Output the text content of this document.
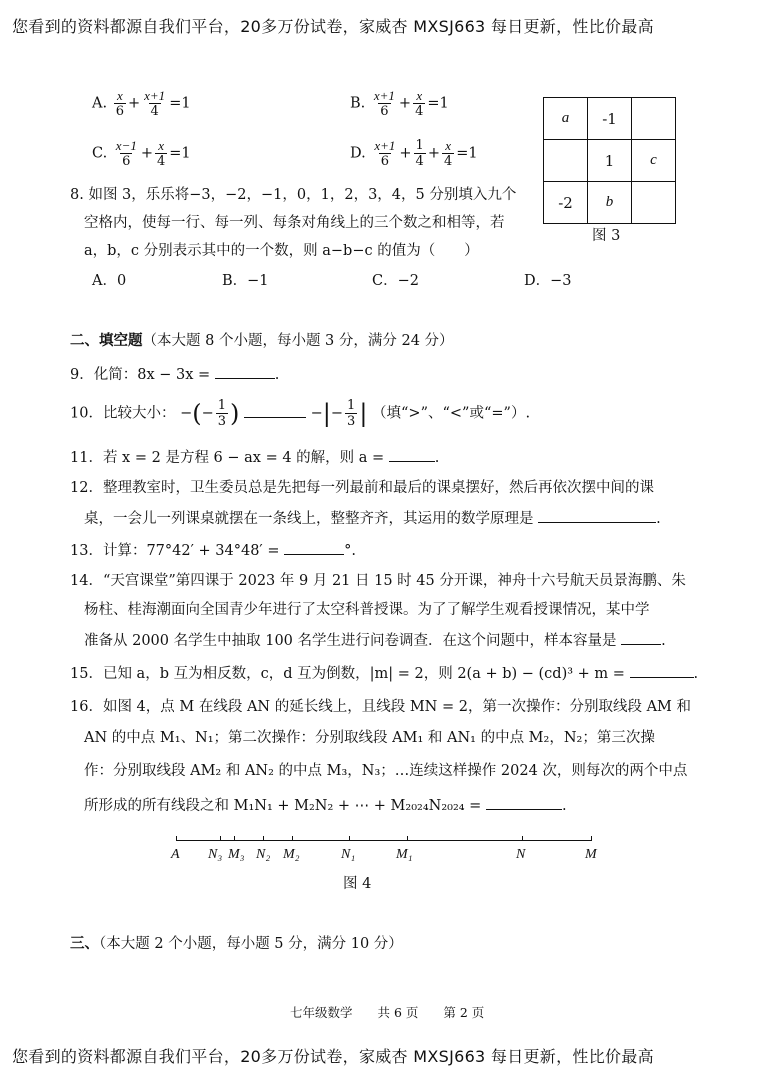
您看到的资料都源自我们平台，20多万份试卷，家威杏 MXSJ663 每日更新，性比价最高
A. $\frac{x}{6} + \frac{x+1}{4} =1$	B. $\frac{x+1}{6} + \frac{x}{4} =1$
C. $\frac{x-1}{6} + \frac{x}{4} =1$	D. $\frac{x+1}{6} + \frac{1}{4} + \frac{x}{4} =1$
a	-1	
	1	c
-2	b	
图 3
8. 如图 3，乐乐将−3，−2，−1，0，1，2，3，4，5 分别填入九个
空格内，使每一行、每一列、每条对角线上的三个数之和相等，若
a，b，c 分别表示其中的一个数，则 a−b−c 的值为（　　）
A．0	B．−1	C．−2	D．−3
二、填空题（本大题 8 个小题，每小题 3 分，满分 24 分）
9．化简：8x − 3x =	.
10．比较大小： −(− $\frac{1}{3}$ )	−|− $\frac{1}{3}$ | （填“>”、“<”或“=”）.
11．若 x = 2 是方程 6 − ax = 4 的解，则 a =	.
12．整理教室时，卫生委员总是先把每一列最前和最后的课桌摆好，然后再依次摆中间的课
桌，一会儿一列课桌就摆在一条线上，整整齐齐，其运用的数学原理是	.
13．计算：77°42′ + 34°48′ =	°.
14．“天宫课堂”第四课于 2023 年 9 月 21 日 15 时 45 分开课，神舟十六号航天员景海鹏、朱
杨柱、桂海潮面向全国青少年进行了太空科普授课。为了了解学生观看授课情况，某中学
准备从 2000 名学生中抽取 100 名学生进行问卷调查．在这个问题中，样本容量是	.
15．已知 a，b 互为相反数，c，d 互为倒数，|m| = 2，则 2(a + b) − (cd)³ + m =	.
16．如图 4，点 M 在线段 AN 的延长线上，且线段 MN = 2，第一次操作：分别取线段 AM 和
AN 的中点 M₁、N₁；第二次操作：分别取线段 AM₁ 和 AN₁ 的中点 M₂，N₂；第三次操
作：分别取线段 AM₂ 和 AN₂ 的中点 M₃，N₃；…连续这样操作 2024 次，则每次的两个中点
所形成的所有线段之和 M₁N₁ + M₂N₂ + ⋯ + M₂₀₂₄N₂₀₂₄ =	.
A N₃ M₃ N₂ M₂	N₁	M₁	N	M
图 4
三、（本大题 2 个小题，每小题 5 分，满分 10 分）
七年级数学　　共 6 页　　第 2 页
您看到的资料都源自我们平台，20多万份试卷，家威杏 MXSJ663 每日更新，性比价最高
